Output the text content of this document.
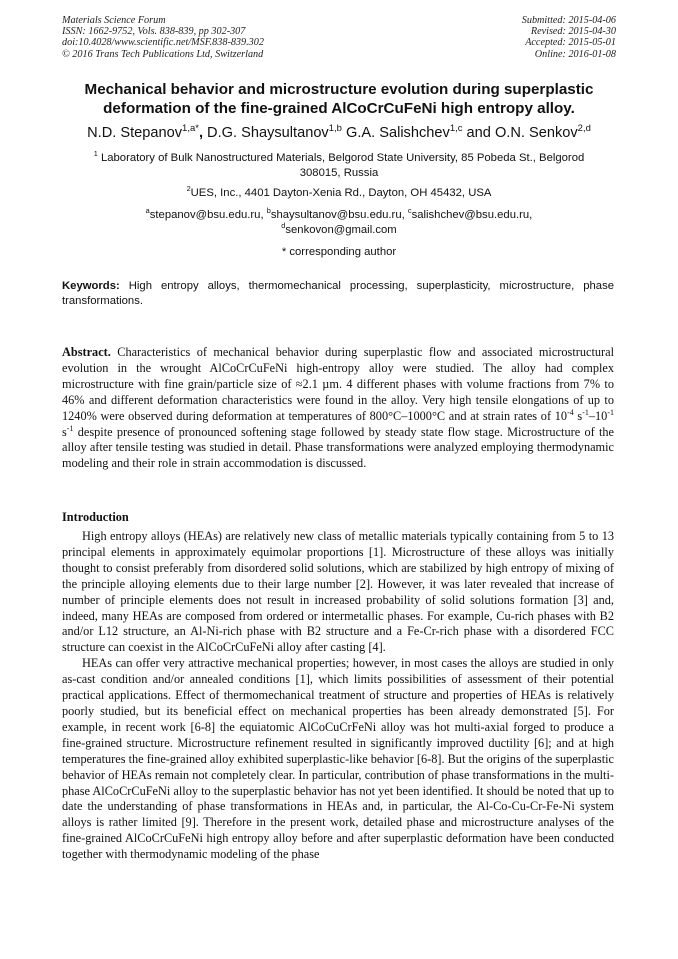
Materials Science Forum
ISSN: 1662-9752, Vols. 838-839, pp 302-307
doi:10.4028/www.scientific.net/MSF.838-839.302
© 2016 Trans Tech Publications Ltd, Switzerland
Submitted: 2015-04-06
Revised: 2015-04-30
Accepted: 2015-05-01
Online: 2016-01-08
Mechanical behavior and microstructure evolution during superplastic
deformation of the fine-grained AlCoCrCuFeNi high entropy alloy.
N.D. Stepanov$^{1,a*}$, D.G. Shaysultanov$^{1,b}$ G.A. Salishchev$^{1,c}$ and O.N. Senkov$^{2,d}$
$^1$ Laboratory of Bulk Nanostructured Materials, Belgorod State University, 85 Pobeda St., Belgorod
308015, Russia
$^2$UES, Inc., 4401 Dayton-Xenia Rd., Dayton, OH 45432, USA
$^a$stepanov@bsu.edu.ru, $^b$shaysultanov@bsu.edu.ru, $^c$salishchev@bsu.edu.ru,
$^d$senkovon@gmail.com
* corresponding author
Keywords: High entropy alloys, thermomechanical processing, superplasticity, microstructure, phase transformations.
Abstract. Characteristics of mechanical behavior during superplastic flow and associated microstructural evolution in the wrought AlCoCrCuFeNi high-entropy alloy were studied. The alloy had complex microstructure with fine grain/particle size of ≈2.1 µm. 4 different phases with volume fractions from 7% to 46% and different deformation characteristics were found in the alloy. Very high tensile elongations of up to 1240% were observed during deformation at temperatures of 800°C–1000°C and at strain rates of $10^{-4}$ $s^{-1}-10^{-1}$ $s^{-1}$ despite presence of pronounced softening stage followed by steady state flow stage. Microstructure of the alloy after tensile testing was studied in detail. Phase transformations were analyzed employing thermodynamic modeling and their role in strain accommodation is discussed.
Introduction

High entropy alloys (HEAs) are relatively new class of metallic materials typically containing from 5 to 13 principal elements in approximately equimolar proportions [1]. Microstructure of these alloys was initially thought to consist preferably from disordered solid solutions, which are stabilized by high entropy of mixing of the principle alloying elements due to their large number [2]. However, it was later revealed that increase of number of principle elements does not result in increased probability of solid solutions formation [3] and, indeed, many HEAs are composed from ordered or intermetallic phases. For example, Cu-rich phases with B2 and/or L12 structure, an Al-Ni-rich phase with B2 structure and a Fe-Cr-rich phase with a disordered FCC structure can coexist in the AlCoCrCuFeNi alloy after casting [4].

HEAs can offer very attractive mechanical properties; however, in most cases the alloys are studied in only as-cast condition and/or annealed conditions [1], which limits possibilities of assessment of their potential practical applications. Effect of thermomechanical treatment of structure and properties of HEAs is relatively poorly studied, but its beneficial effect on mechanical properties has been already demonstrated [5]. For example, in recent work [6-8] the equiatomic AlCoCuCrFeNi alloy was hot multi-axial forged to produce a fine-grained structure. Microstructure refinement resulted in significantly improved ductility [6]; and at high temperatures the fine-grained alloy exhibited superplastic-like behavior [6-8]. But the origins of the superplastic behavior of HEAs remain not completely clear. In particular, contribution of phase transformations in the multi-phase AlCoCrCuFeNi alloy to the superplastic behavior has not yet been identified. It should be noted that up to date the understanding of phase transformations in HEAs and, in particular, the Al-Co-Cu-Cr-Fe-Ni system alloys is rather limited [9]. Therefore in the present work, detailed phase and microstructure analyses of the fine-grained AlCoCrCuFeNi high entropy alloy before and after superplastic deformation have been conducted together with thermodynamic modeling of the phase
